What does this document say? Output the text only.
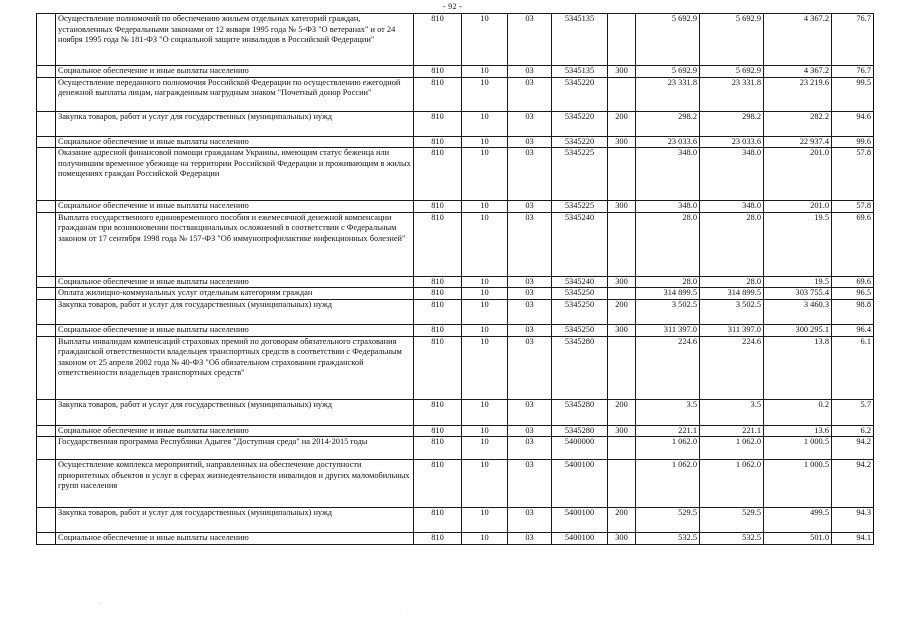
- 92 -
	Осуществление полномочий по обеспечению жильем отдельных категорий граждан, установленных Федеральными законами от 12 января 1995 года № 5-ФЗ "О ветеранах" и от 24 ноября 1995 года № 181-ФЗ "О социальной защите инвалидов в Российской Федерации"	810	10	03	5345135		5 692.9	5 692.9	4 367.2	76.7
	Социальное обеспечение и иные выплаты населению	810	10	03	5345135	300	5 692.9	5 692.9	4 367.2	76.7
	Осуществление переданного полномочия Российской Федерации по осуществлению ежегодной денежной выплаты лицам, награжденным нагрудным знаком "Почетный донор России"	810	10	03	5345220		23 331.8	23 331.8	23 219.6	99.5
	Закупка товаров, работ и услуг для государственных (муниципальных) нужд	810	10	03	5345220	200	298.2	298.2	282.2	94.6
	Социальное обеспечение и иные выплаты населению	810	10	03	5345220	300	23 033.6	23 033.6	22 937.4	99.6
	Оказание адресной финансовой помощи гражданам Украины, имеющим статус беженца или получившим временное убежище на территории Российской Федерации и проживающим в жилых помещениях граждан Российской Федерации	810	10	03	5345225		348.0	348.0	201.0	57.8
	Социальное обеспечение и иные выплаты населению	810	10	03	5345225	300	348.0	348.0	201.0	57.8
	Выплата государственного единовременного пособия и ежемесячной денежной компенсации гражданам при возникновении поствакцинальных осложнений в соответствии с Федеральным законом от 17 сентября 1998 года № 157-ФЗ "Об иммунопрофилактике инфекционных болезней"	810	10	03	5345240		28.0	28.0	19.5	69.6
	Социальное обеспечение и иные выплаты населению	810	10	03	5345240	300	28.0	28.0	19.5	69.6
	Оплата жилищно-коммунальных услуг отдельным категориям граждан	810	10	03	5345250		314 899.5	314 899.5	303 755.4	96.5
	Закупка товаров, работ и услуг для государственных (муниципальных) нужд	810	10	03	5345250	200	3 502.5	3 502.5	3 460.3	98.8
	Социальное обеспечение и иные выплаты населению	810	10	03	5345250	300	311 397.0	311 397.0	300 295.1	96.4
	Выплаты инвалидам компенсаций страховых премий по договорам обязательного страхования гражданской ответственности владельцев транспортных средств в соответствии с Федеральным законом от 25 апреля 2002 года № 40-ФЗ "Об обязательном страховании гражданской ответственности владельцев транспортных средств"	810	10	03	5345280		224.6	224.6	13.8	6.1
	Закупка товаров, работ и услуг для государственных (муниципальных) нужд	810	10	03	5345280	200	3.5	3.5	0.2	5.7
	Социальное обеспечение и иные выплаты населению	810	10	03	5345280	300	221.1	221.1	13.6	6.2
	Государственная программа Республики Адыгея "Доступная среда" на 2014-2015 годы	810	10	03	5400000		1 062.0	1 062.0	1 000.5	94.2
	Осуществление комплекса мероприятий, направленных на обеспечение доступности приоритетных объектов и услуг в сферах жизнедеятельности инвалидов и других маломобильных групп населения	810	10	03	5400100		1 062.0	1 062.0	1 000.5	94.2
	Закупка товаров, работ и услуг для государственных (муниципальных) нужд	810	10	03	5400100	200	529.5	529.5	499.5	94.3
	Социальное обеспечение и иные выплаты населению	810	10	03	5400100	300	532.5	532.5	501.0	94.1
·
·
